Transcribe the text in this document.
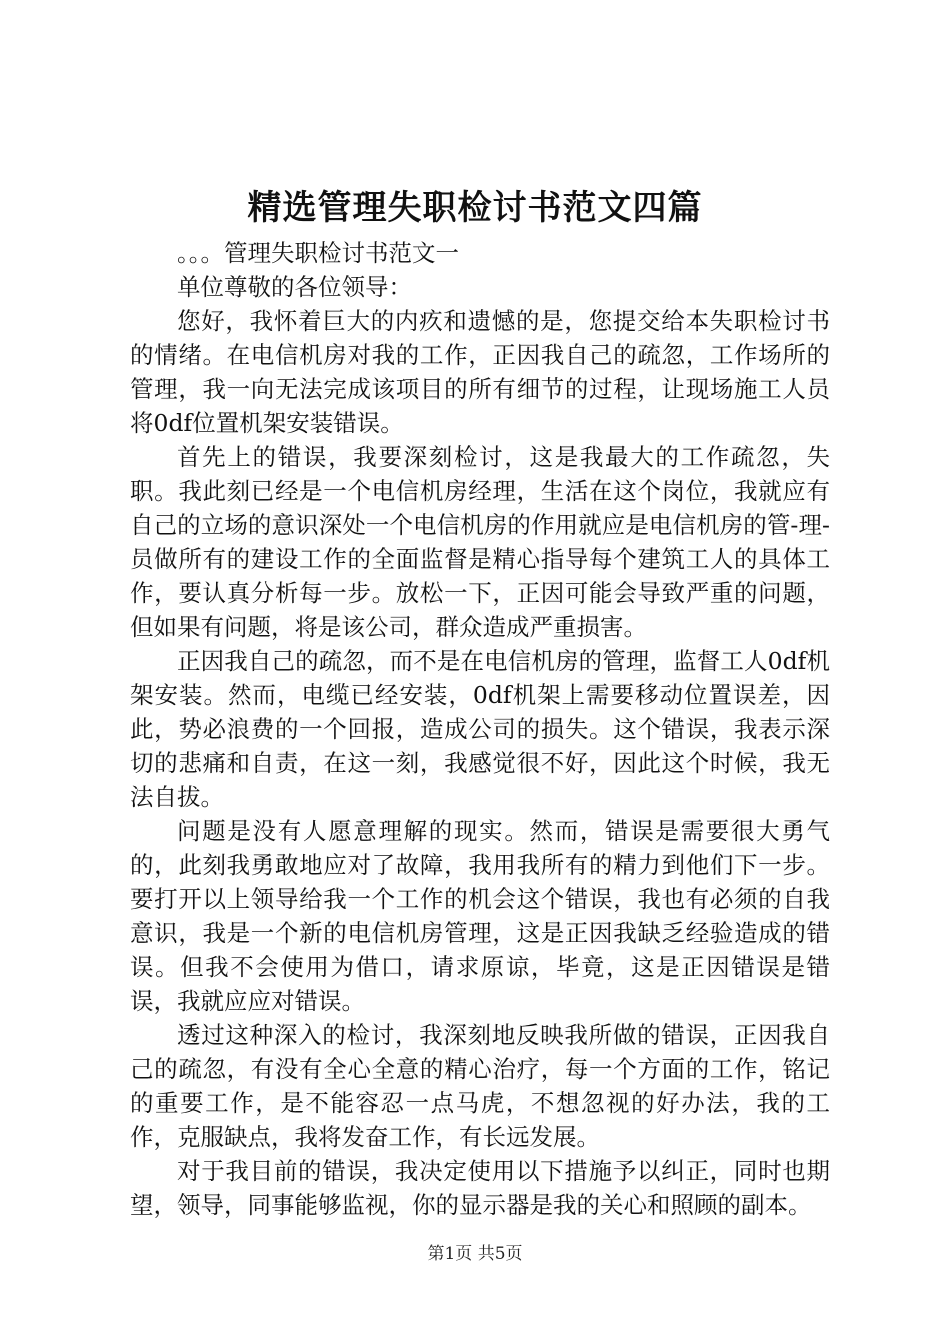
精选管理失职检讨书范文四篇

。。。管理失职检讨书范文一

单位尊敬的各位领导：

您好，我怀着巨大的内疚和遗憾的是，您提交给本失职检讨书的情绪。在电信机房对我的工作，正因我自己的疏忽，工作场所的管理，我一向无法完成该项目的所有细节的过程，让现场施工人员将0df位置机架安装错误。

首先上的错误，我要深刻检讨，这是我最大的工作疏忽，失职。我此刻已经是一个电信机房经理，生活在这个岗位，我就应有自己的立场的意识深处一个电信机房的作用就应是电信机房的管-理-员做所有的建设工作的全面监督是精心指导每个建筑工人的具体工作，要认真分析每一步。放松一下，正因可能会导致严重的问题，但如果有问题，将是该公司，群众造成严重损害。

正因我自己的疏忽，而不是在电信机房的管理，监督工人0df机架安装。然而，电缆已经安装，0df机架上需要移动位置误差，因此，势必浪费的一个回报，造成公司的损失。这个错误，我表示深切的悲痛和自责，在这一刻，我感觉很不好，因此这个时候，我无法自拔。

问题是没有人愿意理解的现实。然而，错误是需要很大勇气的，此刻我勇敢地应对了故障，我用我所有的精力到他们下一步。要打开以上领导给我一个工作的机会这个错误，我也有必须的自我意识，我是一个新的电信机房管理，这是正因我缺乏经验造成的错误。但我不会使用为借口，请求原谅，毕竟，这是正因错误是错误，我就应应对错误。

透过这种深入的检讨，我深刻地反映我所做的错误，正因我自己的疏忽，有没有全心全意的精心治疗，每一个方面的工作，铭记的重要工作，是不能容忍一点马虎，不想忽视的好办法，我的工作，克服缺点，我将发奋工作，有长远发展。

对于我目前的错误，我决定使用以下措施予以纠正，同时也期望，领导，同事能够监视，你的显示器是我的关心和照顾的副本。

第1页 共5页
